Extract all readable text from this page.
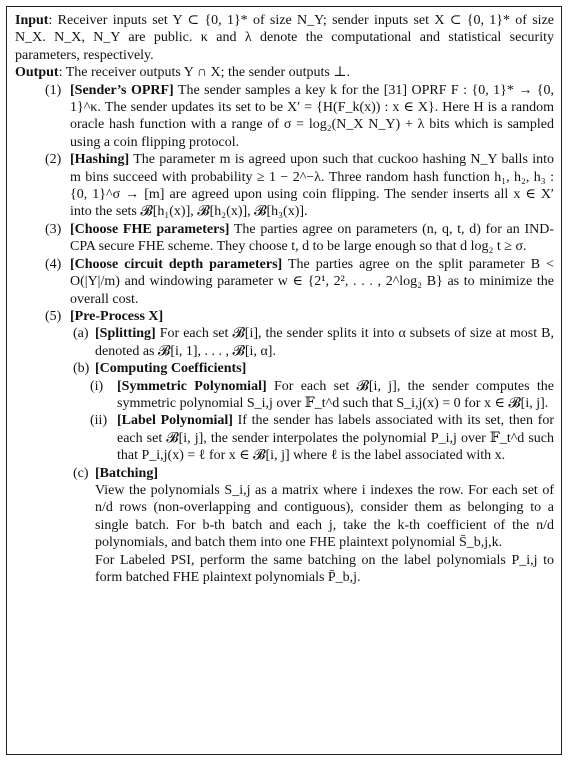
Input: Receiver inputs set Y ⊂ {0, 1}* of size N_Y; sender inputs set X ⊂ {0, 1}* of size N_X. N_X, N_Y are public. κ and λ denote the computational and statistical security parameters, respectively.

Output: The receiver outputs Y ∩ X; the sender outputs ⊥.

(1) [Sender’s OPRF] The sender samples a key k for the [31] OPRF F : {0, 1}* → {0, 1}^κ. The sender updates its set to be X′ = {H(F_k(x)) : x ∈ X}. Here H is a random oracle hash function with a range of σ = log₂(N_X N_Y) + λ bits which is sampled using a coin flipping protocol.

(2) [Hashing] The parameter m is agreed upon such that cuckoo hashing N_Y balls into m bins succeed with probability ≥ 1 − 2^−λ. Three random hash function h₁, h₂, h₃ : {0, 1}^σ → [m] are agreed upon using coin flipping. The sender inserts all x ∈ X′ into the sets 𝓑[h₁(x)], 𝓑[h₂(x)], 𝓑[h₃(x)].

(3) [Choose FHE parameters] The parties agree on parameters (n, q, t, d) for an IND-CPA secure FHE scheme. They choose t, d to be large enough so that d log₂ t ≥ σ.

(4) [Choose circuit depth parameters] The parties agree on the split parameter B < O(|Y|/m) and windowing parameter w ∈ {2¹, 2², . . . , 2^log₂ B} as to minimize the overall cost.

(5) [Pre-Process X]

(a) [Splitting] For each set 𝓑[i], the sender splits it into α subsets of size at most B, denoted as 𝓑[i, 1], . . . , 𝓑[i, α].

(b) [Computing Coefficients]

(i) [Symmetric Polynomial] For each set 𝓑[i, j], the sender computes the symmetric polynomial S_i,j over 𝔽_t^d such that S_i,j(x) = 0 for x ∈ 𝓑[i, j].

(ii) [Label Polynomial] If the sender has labels associated with its set, then for each set 𝓑[i, j], the sender interpolates the polynomial P_i,j over 𝔽_t^d such that P_i,j(x) = ℓ for x ∈ 𝓑[i, j] where ℓ is the label associated with x.

(c) [Batching]

View the polynomials S_i,j as a matrix where i indexes the row. For each set of n/d rows (non-overlapping and contiguous), consider them as belonging to a single batch. For b-th batch and each j, take the k-th coefficient of the n/d polynomials, and batch them into one FHE plaintext polynomial S̄_b,j,k.

For Labeled PSI, perform the same batching on the label polynomials P_i,j to form batched FHE plaintext polynomials P̄_b,j.
